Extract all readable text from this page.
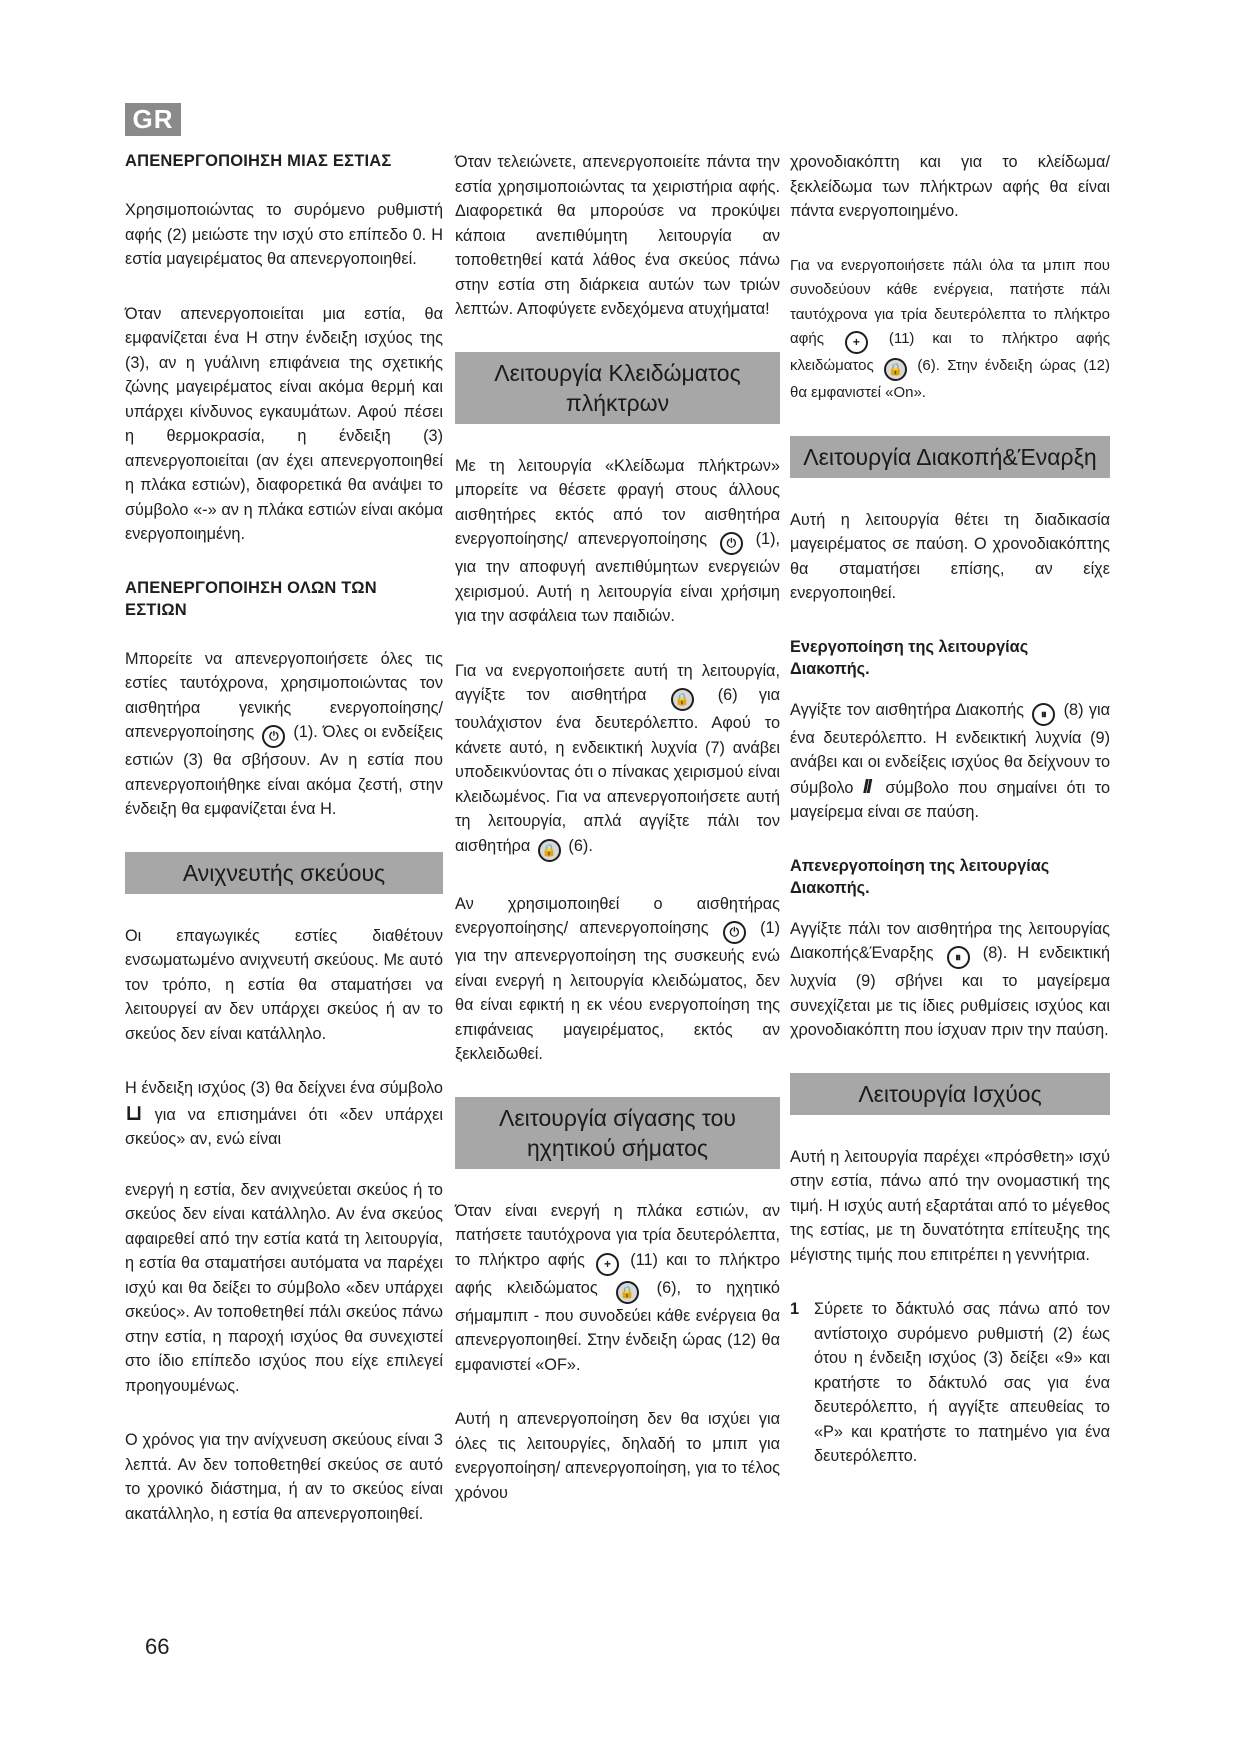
GR
ΑΠΕΝΕΡΓΟΠΟΙΗΣΗ ΜΙΑΣ ΕΣΤΙΑΣ

Χρησιμοποιώντας το συρόμενο ρυθμιστή αφής (2) μειώστε την ισχύ στο επίπεδο 0. Η εστία μαγειρέματος θα απενεργοποιηθεί.

Όταν απενεργοποιείται μια εστία, θα εμφανίζεται ένα Η στην ένδειξη ισχύος της (3), αν η γυάλινη επιφάνεια της σχετικής ζώνης μαγειρέματος είναι ακόμα θερμή και υπάρχει κίνδυνος εγκαυμάτων. Αφού πέσει η θερμοκρασία, η ένδειξη (3) απενεργοποιείται (αν έχει απενεργοποιηθεί η πλάκα εστιών), διαφορετικά θα ανάψει το σύμβολο «-» αν η πλάκα εστιών είναι ακόμα ενεργοποιημένη.

ΑΠΕΝΕΡΓΟΠΟΙΗΣΗ ΟΛΩΝ ΤΩΝ ΕΣΤΙΩΝ

Μπορείτε να απενεργοποιήσετε όλες τις εστίες ταυτόχρονα, χρησιμοποιώντας τον αισθητήρα γενικής ενεργοποίησης/ απενεργοποίησης ⏻ (1). Όλες οι ενδείξεις εστιών (3) θα σβήσουν. Αν η εστία που απενεργοποιήθηκε είναι ακόμα ζεστή, στην ένδειξη θα εμφανίζεται ένα H.

Ανιχνευτής σκεύους

Οι επαγωγικές εστίες διαθέτουν ενσωματωμένο ανιχνευτή σκεύους. Με αυτό τον τρόπο, η εστία θα σταματήσει να λειτουργεί αν δεν υπάρχει σκεύος ή αν το σκεύος δεν είναι κατάλληλο.

Η ένδειξη ισχύος (3) θα δείχνει ένα σύμβολο ⊔ για να επισημάνει ότι «δεν υπάρχει σκεύος» αν, ενώ είναι

ενεργή η εστία, δεν ανιχνεύεται σκεύος ή το σκεύος δεν είναι κατάλληλο. Αν ένα σκεύος αφαιρεθεί από την εστία κατά τη λειτουργία, η εστία θα σταματήσει αυτόματα να παρέχει ισχύ και θα δείξει το σύμβολο «δεν υπάρχει σκεύος». Αν τοποθετηθεί πάλι σκεύος πάνω στην εστία, η παροχή ισχύος θα συνεχιστεί στο ίδιο επίπεδο ισχύος που είχε επιλεγεί προηγουμένως.

Ο χρόνος για την ανίχνευση σκεύους είναι 3 λεπτά. Αν δεν τοποθετηθεί σκεύος σε αυτό το χρονικό διάστημα, ή αν το σκεύος είναι ακατάλληλο, η εστία θα απενεργοποιηθεί.

Όταν τελειώνετε, απενεργοποιείτε πάντα την εστία χρησιμοποιώντας τα χειριστήρια αφής. Διαφορετικά θα μπορούσε να προκύψει κάποια ανεπιθύμητη λειτουργία αν τοποθετηθεί κατά λάθος ένα σκεύος πάνω στην εστία στη διάρκεια αυτών των τριών λεπτών. Αποφύγετε ενδεχόμενα ατυχήματα!

Λειτουργία Κλειδώματος πλήκτρων

Με τη λειτουργία «Κλείδωμα πλήκτρων» μπορείτε να θέσετε φραγή στους άλλους αισθητήρες εκτός από τον αισθητήρα ενεργοποίησης/ απενεργοποίησης ⏻ (1), για την αποφυγή ανεπιθύμητων ενεργειών χειρισμού. Αυτή η λειτουργία είναι χρήσιμη για την ασφάλεια των παιδιών.

Για να ενεργοποιήσετε αυτή τη λειτουργία, αγγίξτε τον αισθητήρα 🔒 (6) για τουλάχιστον ένα δευτερόλεπτο. Αφού το κάνετε αυτό, η ενδεικτική λυχνία (7) ανάβει υποδεικνύοντας ότι ο πίνακας χειρισμού είναι κλειδωμένος. Για να απενεργοποιήσετε αυτή τη λειτουργία, απλά αγγίξτε πάλι τον αισθητήρα 🔒 (6).

Αν χρησιμοποιηθεί ο αισθητήρας ενεργοποίησης/ απενεργοποίησης ⏻ (1) για την απενεργοποίηση της συσκευής ενώ είναι ενεργή η λειτουργία κλειδώματος, δεν θα είναι εφικτή η εκ νέου ενεργοποίηση της επιφάνειας μαγειρέματος, εκτός αν ξεκλειδωθεί.

Λειτουργία σίγασης του ηχητικού σήματος

Όταν είναι ενεργή η πλάκα εστιών, αν πατήσετε ταυτόχρονα για τρία δευτερόλεπτα, το πλήκτρο αφής + (11) και το πλήκτρο αφής κλειδώματος 🔒 (6), το ηχητικό σήμαμπιπ - που συνοδεύει κάθε ενέργεια θα απενεργοποιηθεί. Στην ένδειξη ώρας (12) θα εμφανιστεί «OF».

Αυτή η απενεργοποίηση δεν θα ισχύει για όλες τις λειτουργίες, δηλαδή το μπιπ για ενεργοποίηση/ απενεργοποίηση, για το τέλος χρόνου

χρονοδιακόπτη και για το κλείδωμα/ ξεκλείδωμα των πλήκτρων αφής θα είναι πάντα ενεργοποιημένο.

Για να ενεργοποιήσετε πάλι όλα τα μπιπ που συνοδεύουν κάθε ενέργεια, πατήστε πάλι ταυτόχρονα για τρία δευτερόλεπτα το πλήκτρο αφής + (11) και το πλήκτρο αφής κλειδώματος 🔒 (6). Στην ένδειξη ώρας (12) θα εμφανιστεί «On».

Λειτουργία Διακοπή&Έναρξη

Αυτή η λειτουργία θέτει τη διαδικασία μαγειρέματος σε παύση. Ο χρονοδιακόπτης θα σταματήσει επίσης, αν είχε ενεργοποιηθεί.

Ενεργοποίηση της λειτουργίας Διακοπής.

Αγγίξτε τον αισθητήρα Διακοπής ⏸ (8) για ένα δευτερόλεπτο. Η ενδεικτική λυχνία (9) ανάβει και οι ενδείξεις ισχύος θα δείχνουν το σύμβολο II σύμβολο που σημαίνει ότι το μαγείρεμα είναι σε παύση.

Απενεργοποίηση της λειτουργίας Διακοπής.

Αγγίξτε πάλι τον αισθητήρα της λειτουργίας Διακοπής&Έναρξης ⏸ (8). Η ενδεικτική λυχνία (9) σβήνει και το μαγείρεμα συνεχίζεται με τις ίδιες ρυθμίσεις ισχύος και χρονοδιακόπτη που ίσχυαν πριν την παύση.

Λειτουργία Ισχύος

Αυτή η λειτουργία παρέχει «πρόσθετη» ισχύ στην εστία, πάνω από την ονομαστική της τιμή. Η ισχύς αυτή εξαρτάται από το μέγεθος της εστίας, με τη δυνατότητα επίτευξης της μέγιστης τιμής που επιτρέπει η γεννήτρια.

1 Σύρετε το δάκτυλό σας πάνω από τον αντίστοιχο συρόμενο ρυθμιστή (2) έως ότου η ένδειξη ισχύος (3) δείξει «9» και κρατήστε το δάκτυλό σας για ένα δευτερόλεπτο, ή αγγίξτε απευθείας το «P» και κρατήστε το πατημένο για ένα δευτερόλεπτο.

66
